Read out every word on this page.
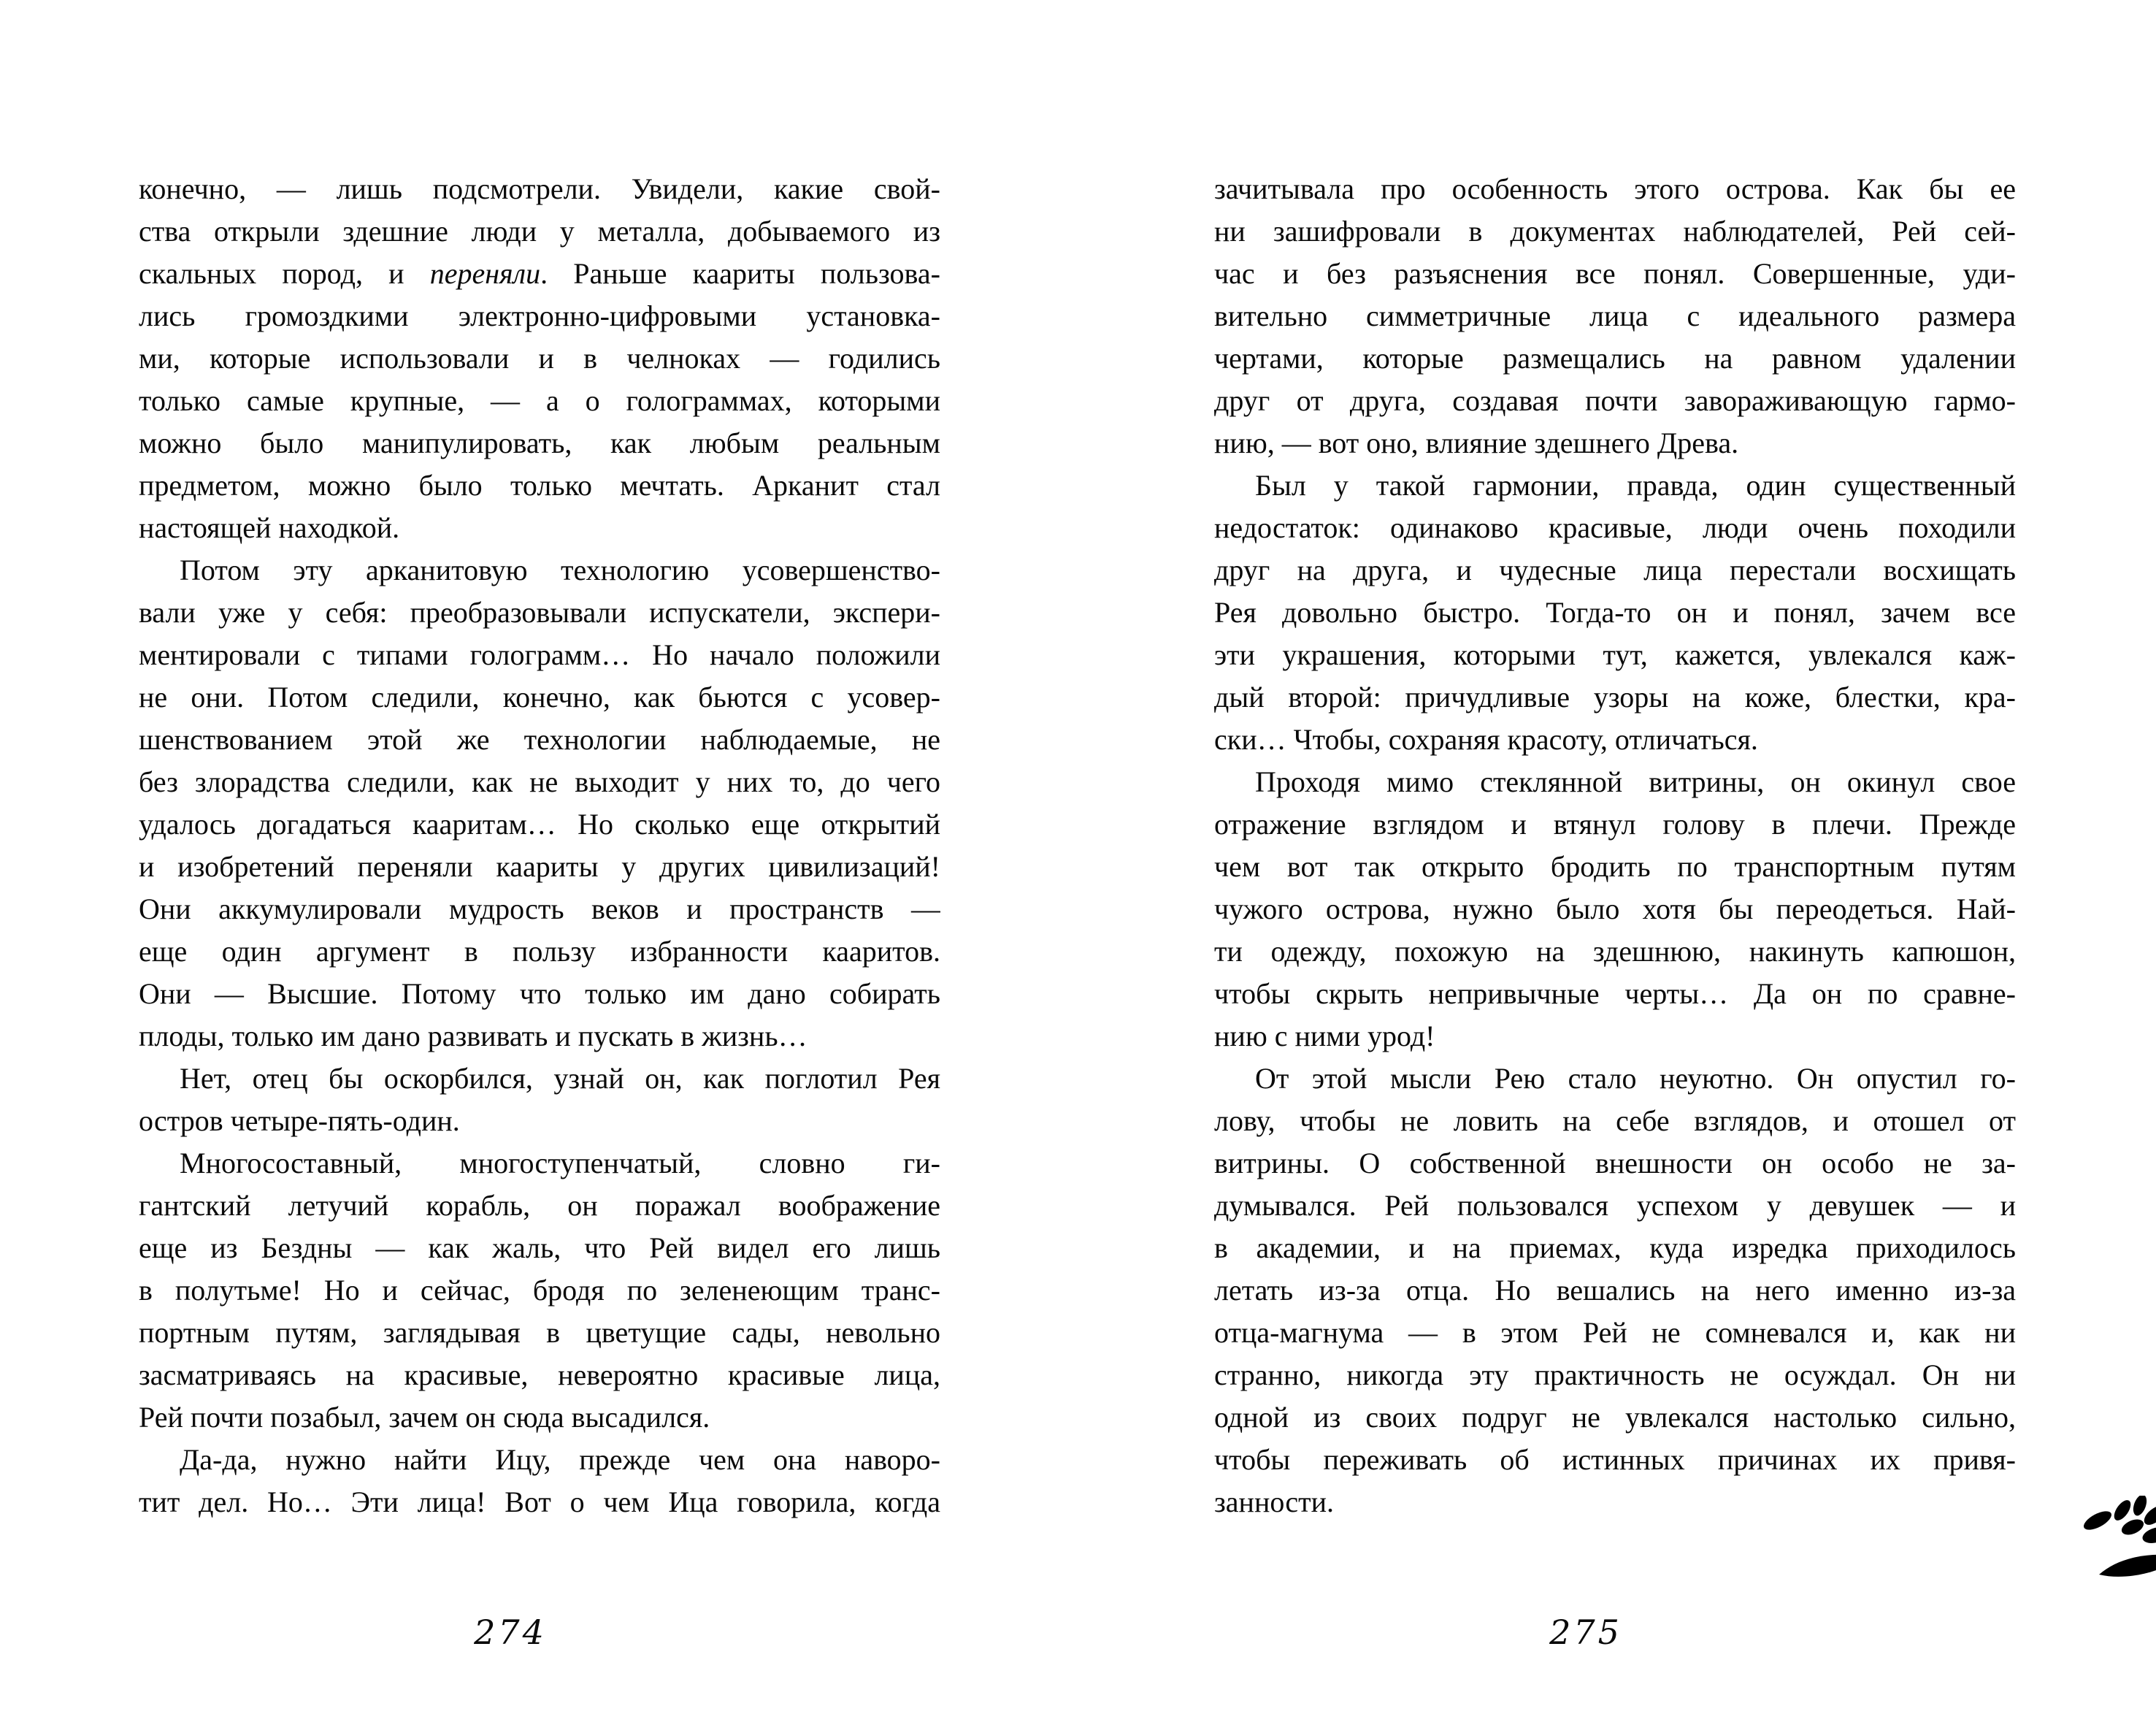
конечно, — лишь подсмотрели. Увидели, какие свой-
ства открыли здешние люди у металла, добываемого из
скальных пород, и переняли. Раньше каариты пользова-
лись громоздкими электронно-цифровыми установка-
ми, которые использовали и в челноках — годились
только самые крупные, — а о голограммах, которыми
можно было манипулировать, как любым реальным
предметом, можно было только мечтать. Арканит стал
настоящей находкой.
Потом эту арканитовую технологию усовершенство-
вали уже у себя: преобразовывали испускатели, экспери-
ментировали с типами голограмм… Но начало положили
не они. Потом следили, конечно, как бьются с усовер-
шенствованием этой же технологии наблюдаемые, не
без злорадства следили, как не выходит у них то, до чего
удалось догадаться кааритам… Но сколько еще открытий
и изобретений переняли каариты у других цивилизаций!
Они аккумулировали мудрость веков и пространств —
еще один аргумент в пользу избранности кааритов.
Они — Высшие. Потому что только им дано собирать
плоды, только им дано развивать и пускать в жизнь…
Нет, отец бы оскорбился, узнай он, как поглотил Рея
остров четыре-пять-один.
Многосоставный, многоступенчатый, словно ги-
гантский летучий корабль, он поражал воображение
еще из Бездны — как жаль, что Рей видел его лишь
в полутьме! Но и сейчас, бродя по зеленеющим транс-
портным путям, заглядывая в цветущие сады, невольно
засматриваясь на красивые, невероятно красивые лица,
Рей почти позабыл, зачем он сюда высадился.
Да-да, нужно найти Ицу, прежде чем она наворо-
тит дел. Но… Эти лица! Вот о чем Ица говорила, когда
зачитывала про особенность этого острова. Как бы ее
ни зашифровали в документах наблюдателей, Рей сей-
час и без разъяснения все понял. Совершенные, уди-
вительно симметричные лица с идеального размера
чертами, которые размещались на равном удалении
друг от друга, создавая почти завораживающую гармо-
нию, — вот оно, влияние здешнего Древа.
Был у такой гармонии, правда, один существенный
недостаток: одинаково красивые, люди очень походили
друг на друга, и чудесные лица перестали восхищать
Рея довольно быстро. Тогда-то он и понял, зачем все
эти украшения, которыми тут, кажется, увлекался каж-
дый второй: причудливые узоры на коже, блестки, кра-
ски… Чтобы, сохраняя красоту, отличаться.
Проходя мимо стеклянной витрины, он окинул свое
отражение взглядом и втянул голову в плечи. Прежде
чем вот так открыто бродить по транспортным путям
чужого острова, нужно было хотя бы переодеться. Най-
ти одежду, похожую на здешнюю, накинуть капюшон,
чтобы скрыть непривычные черты… Да он по сравне-
нию с ними урод!
От этой мысли Рею стало неуютно. Он опустил го-
лову, чтобы не ловить на себе взглядов, и отошел от
витрины. О собственной внешности он особо не за-
думывался. Рей пользовался успехом у девушек — и
в академии, и на приемах, куда изредка приходилось
летать из-за отца. Но вешались на него именно из-за
отца-магнума — в этом Рей не сомневался и, как ни
странно, никогда эту практичность не осуждал. Он ни
одной из своих подруг не увлекался настолько сильно,
чтобы переживать об истинных причинах их привя-
занности.
274	275
